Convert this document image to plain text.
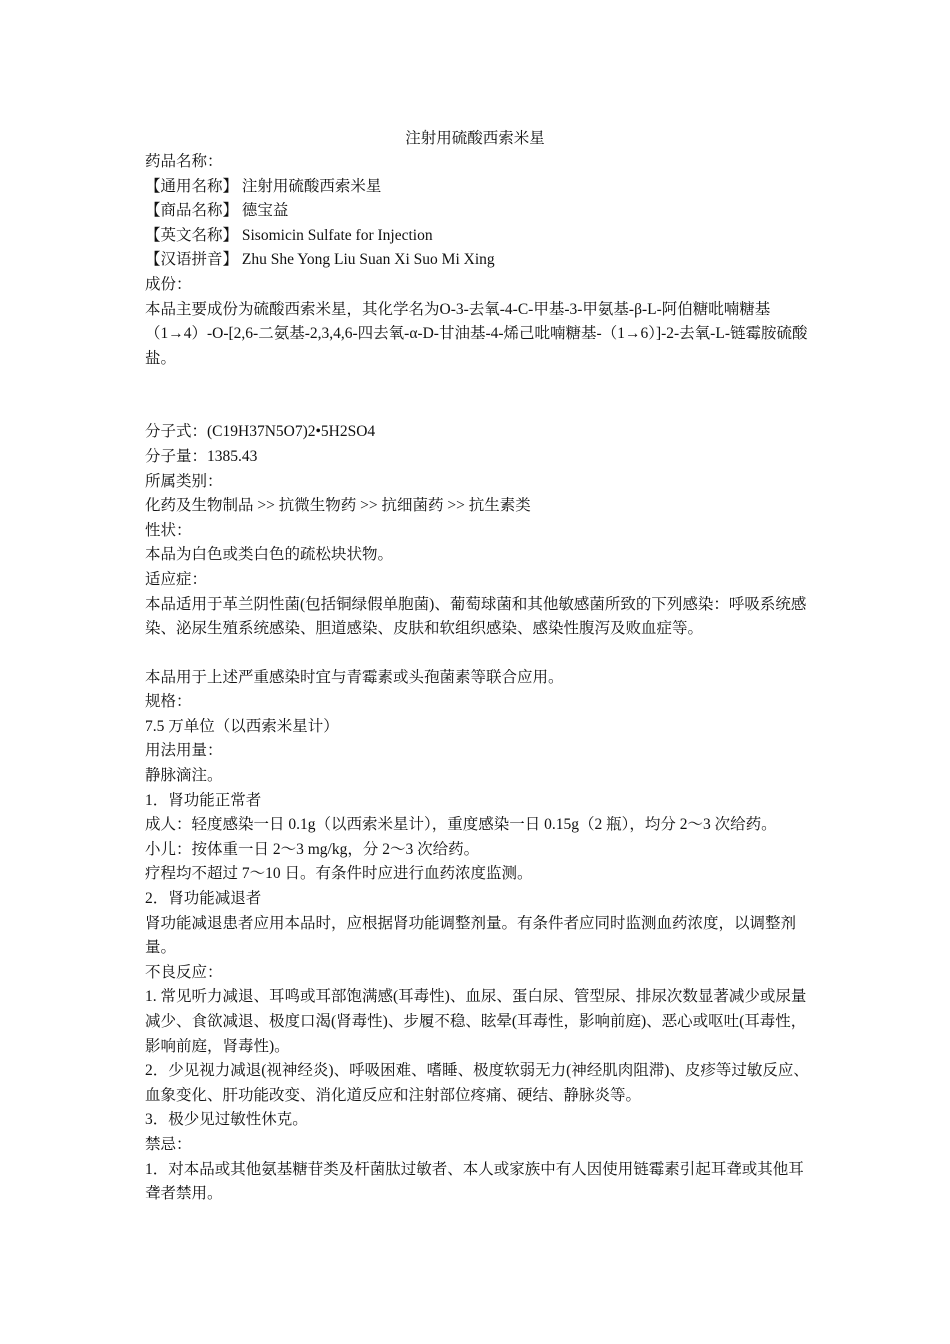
注射用硫酸西索米星

药品名称：

【通用名称】 注射用硫酸西索米星

【商品名称】 德宝益

【英文名称】 Sisomicin Sulfate for Injection

【汉语拼音】 Zhu She Yong Liu Suan Xi Suo Mi Xing

成份：

本品主要成份为硫酸西索米星，其化学名为O-3-去氧-4-C-甲基-3-甲氨基-β-L-阿伯糖吡喃糖基（1→4）-O-[2,6-二氨基-2,3,4,6-四去氧-α-D-甘油基-4-烯己吡喃糖基-（1→6）]-2-去氧-L-链霉胺硫酸盐。

分子式：(C19H37N5O7)2•5H2SO4

分子量：1385.43

所属类别：

化药及生物制品 >> 抗微生物药 >> 抗细菌药 >> 抗生素类

性状：

本品为白色或类白色的疏松块状物。

适应症：

本品适用于革兰阴性菌(包括铜绿假单胞菌)、葡萄球菌和其他敏感菌所致的下列感染：呼吸系统感染、泌尿生殖系统感染、胆道感染、皮肤和软组织感染、感染性腹泻及败血症等。

本品用于上述严重感染时宜与青霉素或头孢菌素等联合应用。

规格：

7.5 万单位（以西索米星计）

用法用量：

静脉滴注。

1．肾功能正常者

成人：轻度感染一日 0.1g（以西索米星计），重度感染一日 0.15g（2 瓶），均分 2～3 次给药。

小儿：按体重一日 2～3 mg/kg，分 2～3 次给药。

疗程均不超过 7～10 日。有条件时应进行血药浓度监测。

2．肾功能减退者

肾功能减退患者应用本品时，应根据肾功能调整剂量。有条件者应同时监测血药浓度，以调整剂量。

不良反应：

1. 常见听力减退、耳鸣或耳部饱满感(耳毒性)、血尿、蛋白尿、管型尿、排尿次数显著减少或尿量减少、食欲减退、极度口渴(肾毒性)、步履不稳、眩晕(耳毒性，影响前庭)、恶心或呕吐(耳毒性，影响前庭，肾毒性)。

2．少见视力减退(视神经炎)、呼吸困难、嗜睡、极度软弱无力(神经肌肉阻滞)、皮疹等过敏反应、血象变化、肝功能改变、消化道反应和注射部位疼痛、硬结、静脉炎等。

3．极少见过敏性休克。

禁忌：

1．对本品或其他氨基糖苷类及杆菌肽过敏者、本人或家族中有人因使用链霉素引起耳聋或其他耳聋者禁用。
